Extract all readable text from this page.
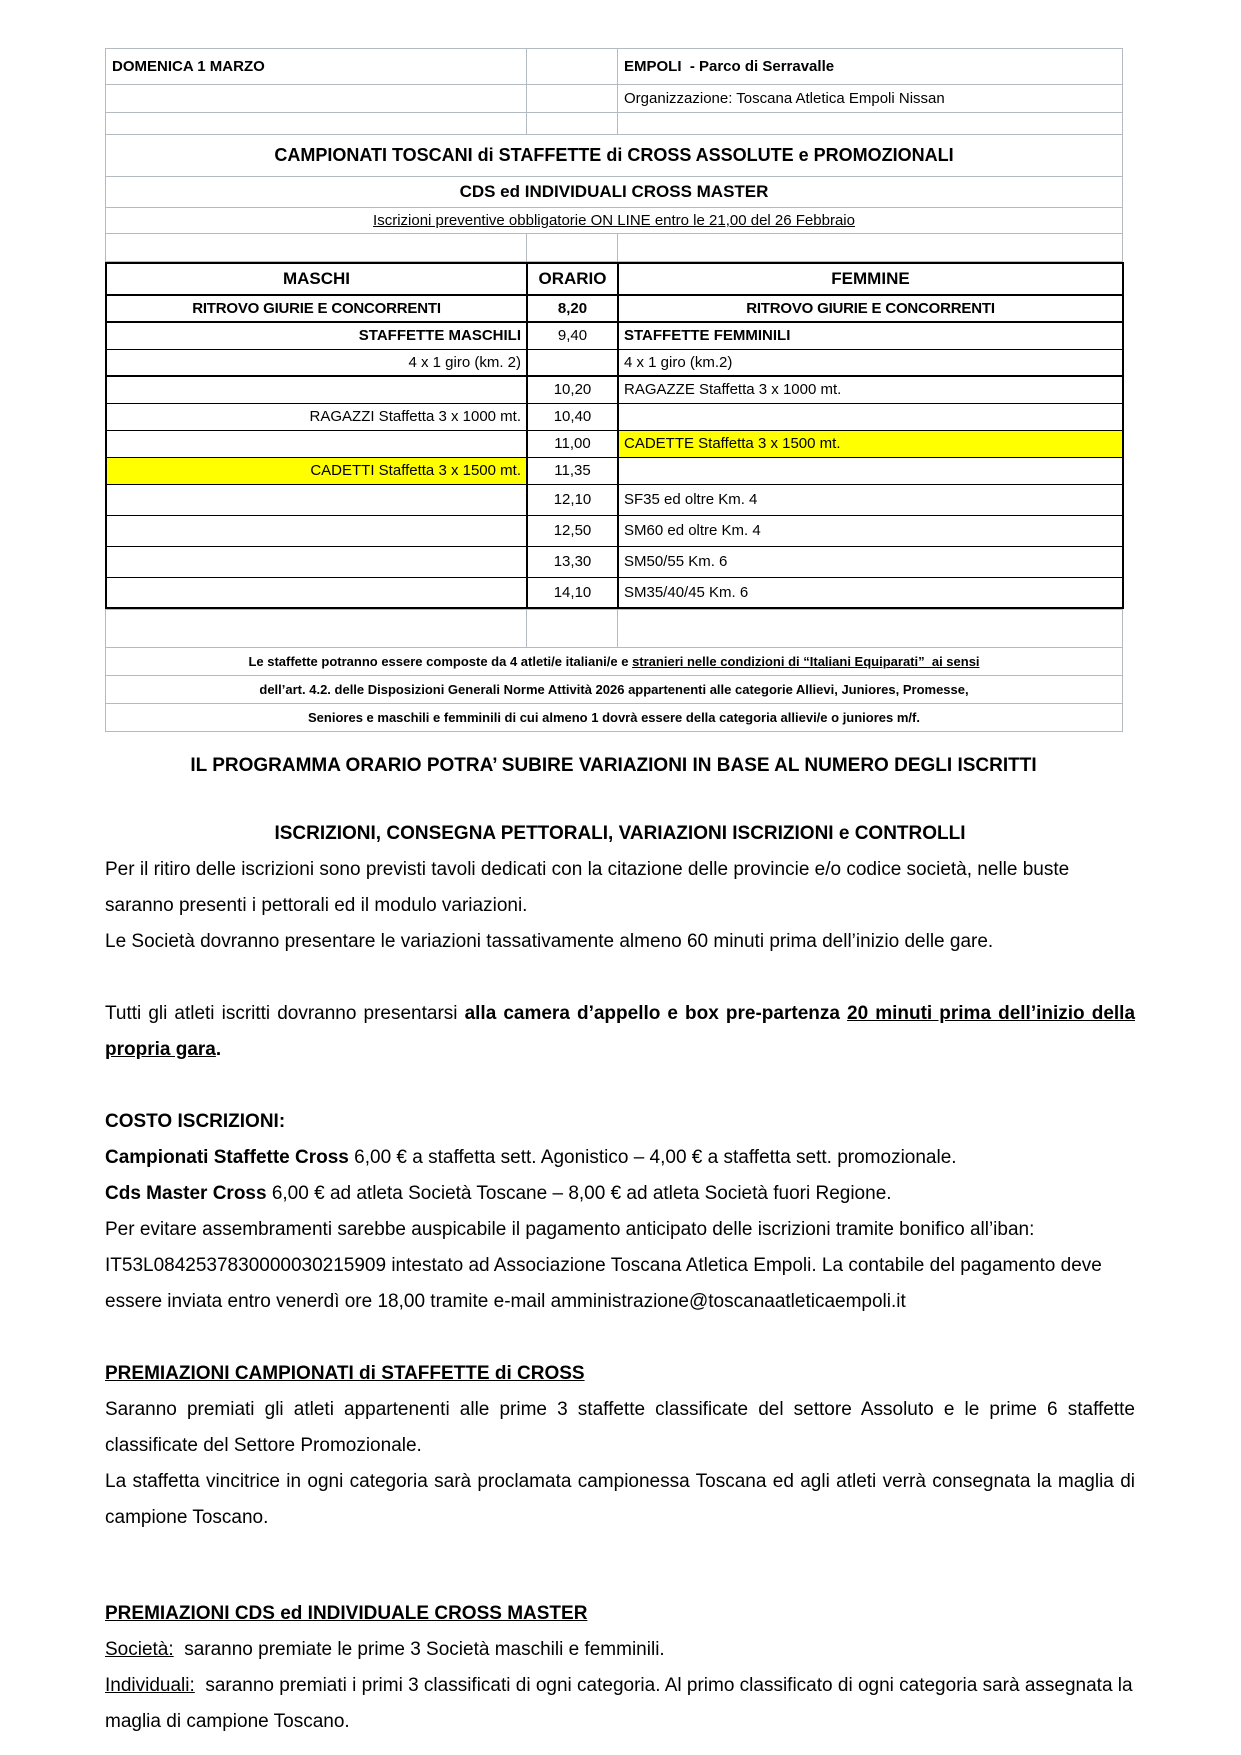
DOMENICA 1 MARZO		EMPOLI  - Parco di Serravalle
		Organizzazione: Toscana Atletica Empoli Nissan

CAMPIONATI TOSCANI di STAFFETTE di CROSS ASSOLUTE e PROMOZIONALI		
CDS ed INDIVIDUALI CROSS MASTER		
Iscrizioni preventive obbligatorie ON LINE entro le 21,00 del 26 Febbraio		

MASCHI	ORARIO	FEMMINE
RITROVO GIURIE E CONCORRENTI	8,20	RITROVO GIURIE E CONCORRENTI
STAFFETTE MASCHILI	9,40	STAFFETTE FEMMINILI
4 x 1 giro (km. 2)		4 x 1 giro (km.2)
	10,20	RAGAZZE Staffetta 3 x 1000 mt.
RAGAZZI Staffetta 3 x 1000 mt.	10,40	
	11,00	CADETTE Staffetta 3 x 1500 mt.
CADETTI Staffetta 3 x 1500 mt.	11,35	
	12,10	SF35 ed oltre Km. 4
	12,50	SM60 ed oltre Km. 4
	13,30	SM50/55 Km. 6
	14,10	SM35/40/45 Km. 6

Le staffette potranno essere composte da 4 atleti/e italiani/e e stranieri nelle condizioni di “Italiani Equiparati”  ai sensi
dell’art. 4.2. delle Disposizioni Generali Norme Attività 2026 appartenenti alle categorie Allievi, Juniores, Promesse,
Seniores e maschili e femminili di cui almeno 1 dovrà essere della categoria allievi/e o juniores m/f.

IL PROGRAMMA ORARIO POTRA’ SUBIRE VARIAZIONI IN BASE AL NUMERO DEGLI ISCRITTI

ISCRIZIONI, CONSEGNA PETTORALI, VARIAZIONI ISCRIZIONI e CONTROLLI

Per il ritiro delle iscrizioni sono previsti tavoli dedicati con la citazione delle provincie e/o codice società, nelle buste saranno presenti i pettorali ed il modulo variazioni.

Le Società dovranno presentare le variazioni tassativamente almeno 60 minuti prima dell’inizio delle gare.

Tutti gli atleti iscritti dovranno presentarsi alla camera d’appello e box pre-partenza 20 minuti prima dell’inizio della propria gara.

COSTO ISCRIZIONI:

Campionati Staffette Cross 6,00 € a staffetta sett. Agonistico – 4,00 € a staffetta sett. promozionale.

Cds Master Cross 6,00 € ad atleta Società Toscane – 8,00 € ad atleta Società fuori Regione.

Per evitare assembramenti sarebbe auspicabile il pagamento anticipato delle iscrizioni tramite bonifico all’iban: IT53L0842537830000030215909 intestato ad Associazione Toscana Atletica Empoli. La contabile del pagamento deve  essere inviata entro venerdì ore 18,00 tramite e-mail amministrazione@toscanaatleticaempoli.it

PREMIAZIONI CAMPIONATI di STAFFETTE di CROSS

Saranno premiati gli atleti appartenenti alle prime 3 staffette classificate del settore Assoluto e le prime 6 staffette classificate del Settore Promozionale.

La staffetta vincitrice in ogni categoria sarà proclamata campionessa Toscana ed agli atleti verrà consegnata la maglia di campione Toscano.

PREMIAZIONI CDS ed INDIVIDUALE CROSS MASTER

Società:  saranno premiate le prime 3 Società maschili e femminili.

Individuali:  saranno premiati i primi 3 classificati di ogni categoria. Al primo classificato di ogni categoria sarà assegnata la maglia di campione Toscano.
